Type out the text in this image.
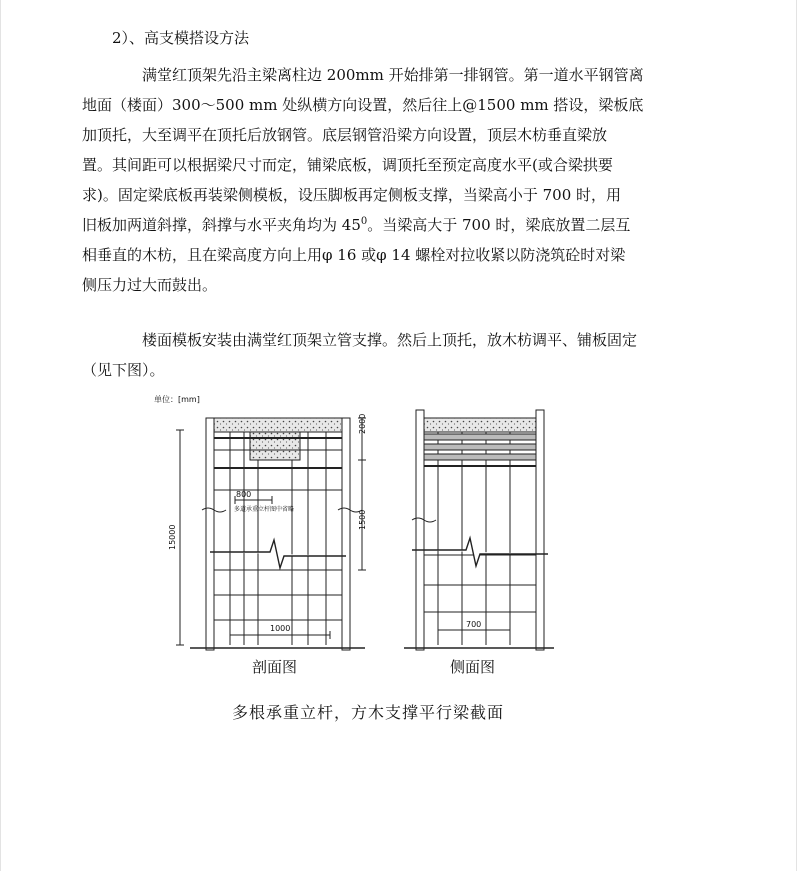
2）、高支模搭设方法
满堂红顶架先沿主梁离柱边 200mm 开始排第一排钢管。第一道水平钢管离
地面（楼面）300～500 mm 处纵横方向设置，然后往上@1500 mm 搭设，梁板底
加顶托，大至调平在顶托后放钢管。底层钢管沿梁方向设置，顶层木枋垂直梁放
置。其间距可以根据梁尺寸而定，铺梁底板，调顶托至预定高度水平(或合梁拱要
求)。固定梁底板再装梁侧模板，设压脚板再定侧板支撑，当梁高小于 700 时，用
旧板加两道斜撑，斜撑与水平夹角均为 $45^0$。当梁高大于 700 时，梁底放置二层互
相垂直的木枋，且在梁高度方向上用φ 16 或φ 14 螺栓对拉收紧以防浇筑砼时对梁
侧压力过大而鼓出。
楼面模板安装由满堂红顶架立管支撑。然后上顶托，放木枋调平、铺板固定
（见下图）。
单位：[mm]
2000
1500
15000
800
多道承重立杆图中省略
1000	700
剖面图	侧面图
多根承重立杆，方木支撑平行梁截面
